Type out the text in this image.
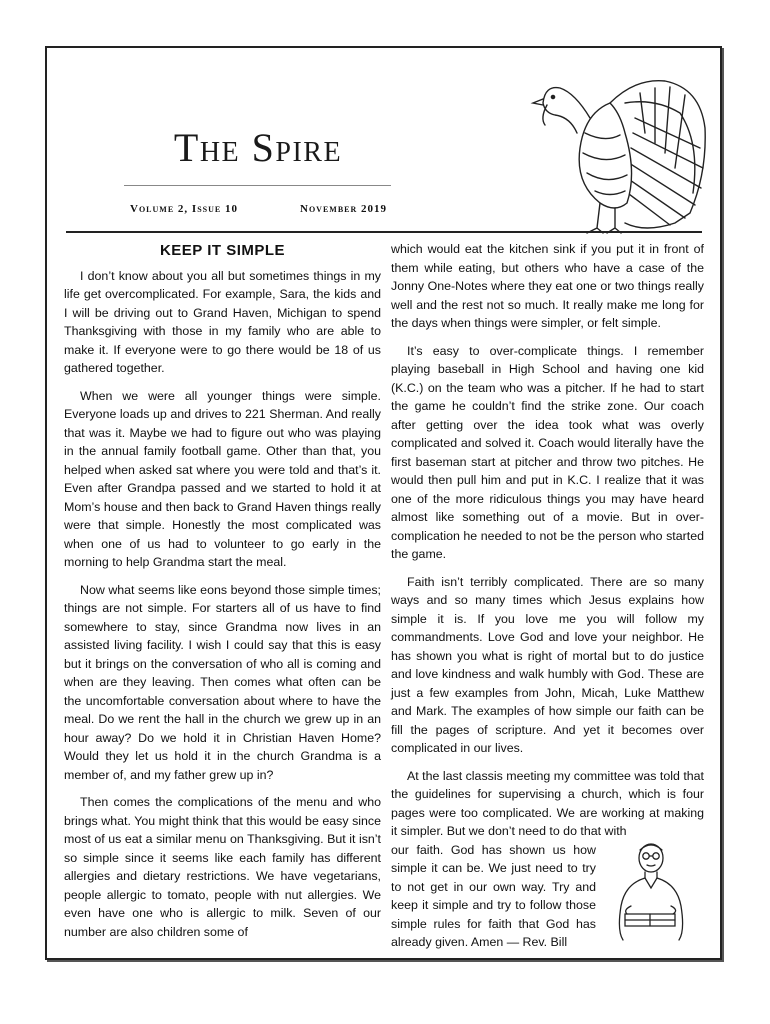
The Spire
Volume 2, Issue 10	November 2019
KEEP IT SIMPLE

I don’t know about you all but sometimes things in my life get overcomplicated. For example, Sara, the kids and I will be driving out to Grand Haven, Michigan to spend Thanksgiving with those in my family who are able to make it. If everyone were to go there would be 18 of us gathered together.

When we were all younger things were simple. Everyone loads up and drives to 221 Sherman. And really that was it. Maybe we had to figure out who was playing in the annual family football game. Other than that, you helped when asked sat where you were told and that’s it. Even after Grandpa passed and we started to hold it at Mom’s house and then back to Grand Haven things really were that simple. Honestly the most complicated was when one of us had to volunteer to go early in the morning to help Grandma start the meal.

Now what seems like eons beyond those simple times; things are not simple. For starters all of us have to find somewhere to stay, since Grandma now lives in an assisted living facility. I wish I could say that this is easy but it brings on the conversation of who all is coming and when are they leaving. Then comes what often can be the uncomfortable conversation about where to have the meal. Do we rent the hall in the church we grew up in an hour away? Do we hold it in Christian Haven Home? Would they let us hold it in the church Grandma is a member of, and my father grew up in?

Then comes the complications of the menu and who brings what. You might think that this would be easy since most of us eat a similar menu on Thanksgiving. But it isn’t so simple since it seems like each family has different allergies and dietary restrictions. We have vegetarians, people allergic to tomato, people with nut allergies. We even have one who is allergic to milk. Seven of our number are also children some of

which would eat the kitchen sink if you put it in front of them while eating, but others who have a case of the Jonny One-Notes where they eat one or two things really well and the rest not so much. It really make me long for the days when things were simpler, or felt simple.

It’s easy to over-complicate things. I remember playing baseball in High School and having one kid (K.C.) on the team who was a pitcher. If he had to start the game he couldn’t find the strike zone. Our coach after getting over the idea took what was overly complicated and solved it. Coach would literally have the first baseman start at pitcher and throw two pitches. He would then pull him and put in K.C. I realize that it was one of the more ridiculous things you may have heard almost like something out of a movie. But in over-complication he needed to not be the person who started the game.

Faith isn’t terribly complicated. There are so many ways and so many times which Jesus explains how simple it is. If you love me you will follow my commandments. Love God and love your neighbor. He has shown you what is right of mortal but to do justice and love kindness and walk humbly with God. These are just a few examples from John, Micah, Luke Matthew and Mark. The examples of how simple our faith can be fill the pages of scripture. And yet it becomes over complicated in our lives.

At the last classis meeting my committee was told that the guidelines for supervising a church, which is four pages were too complicated. We are working at making it simpler. But we don’t need to do that with

our faith. God has shown us how simple it can be. We just need to try to not get in our own way. Try and keep it simple and try to follow those simple rules for faith that God has already given. Amen — Rev. Bill
